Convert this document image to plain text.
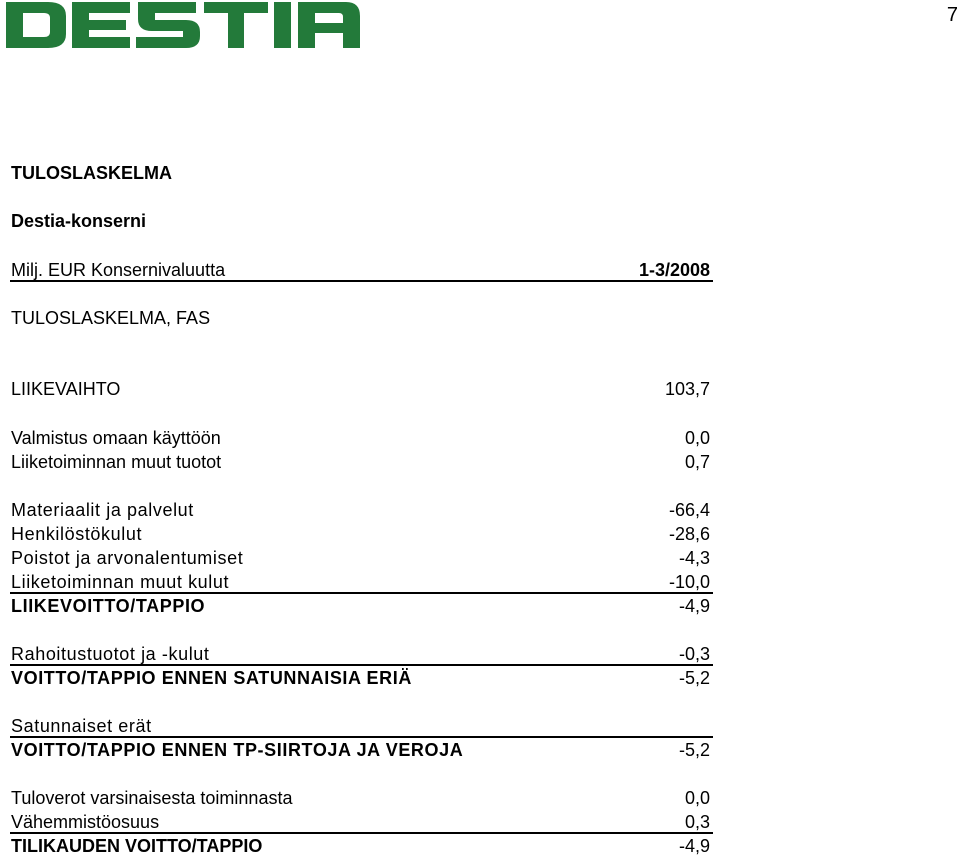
7
TULOSLASKELMA
Destia-konserni
Milj. EUR Konsernivaluutta	1-3/2008
TULOSLASKELMA, FAS
LIIKEVAIHTO	103,7
Valmistus omaan käyttöön	0,0
Liiketoiminnan muut tuotot	0,7
Materiaalit ja palvelut	-66,4
Henkilöstökulut	-28,6
Poistot ja arvonalentumiset	-4,3
Liiketoiminnan muut kulut	-10,0
LIIKEVOITTO/TAPPIO	-4,9
Rahoitustuotot ja -kulut	-0,3
VOITTO/TAPPIO ENNEN SATUNNAISIA ERIÄ	-5,2
Satunnaiset erät
VOITTO/TAPPIO ENNEN TP-SIIRTOJA JA VEROJA	-5,2
Tuloverot varsinaisesta toiminnasta	0,0
Vähemmistöosuus	0,3
TILIKAUDEN VOITTO/TAPPIO	-4,9
